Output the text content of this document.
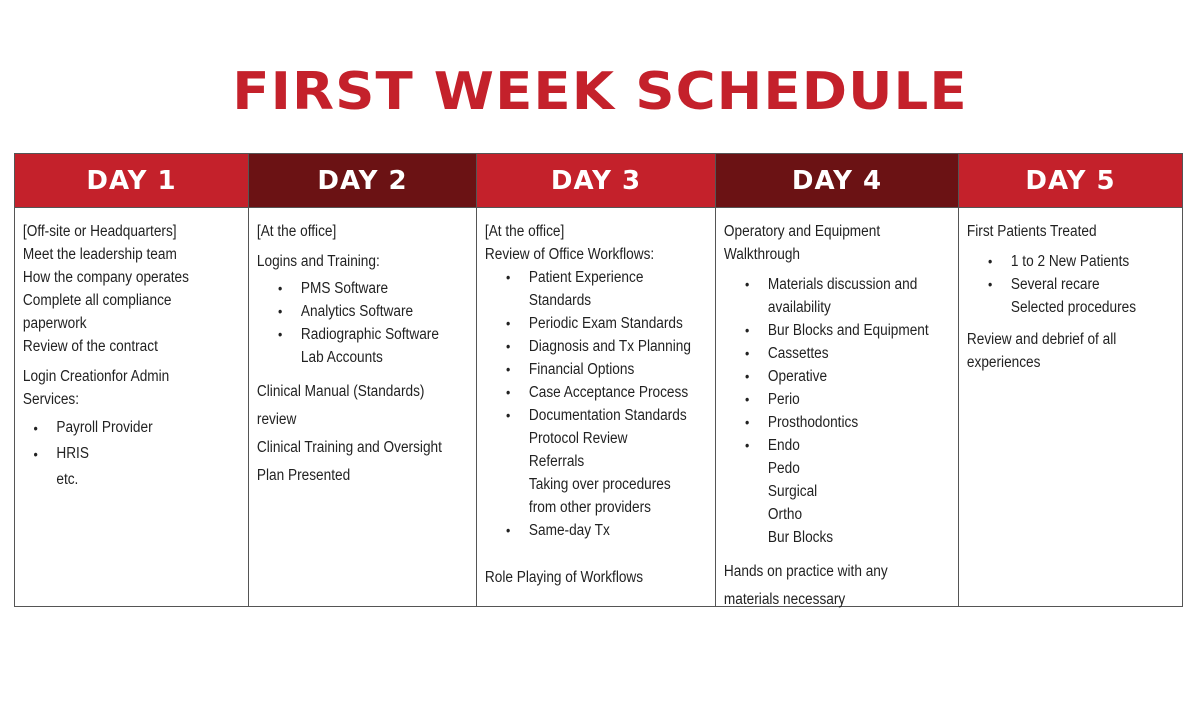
FIRST WEEK SCHEDULE
DAY 1
[Off-site or Headquarters]
Meet the leadership team
How the company operates
Complete all compliance
paperwork
Review of the contract
Login Creationfor Admin
Services:
• Payroll Provider
• HRIS
etc.
DAY 2
[At the office]
Logins and Training:
• PMS Software
• Analytics Software
• Radiographic Software
Lab Accounts
Clinical Manual (Standards)
review
Clinical Training and Oversight
Plan Presented
DAY 3
[At the office]
Review of Office Workflows:
• Patient Experience
Standards
• Periodic Exam Standards
• Diagnosis and Tx Planning
• Financial Options
• Case Acceptance Process
• Documentation Standards
Protocol Review
Referrals
Taking over procedures
from other providers
• Same-day Tx
Role Playing of Workflows
DAY 4
Operatory and Equipment
Walkthrough
• Materials discussion and
availability
• Bur Blocks and Equipment
• Cassettes
• Operative
• Perio
• Prosthodontics
• Endo
Pedo
Surgical
Ortho
Bur Blocks
Hands on practice with any
materials necessary
DAY 5
First Patients Treated
• 1 to 2 New Patients
• Several recare
Selected procedures
Review and debrief of all
experiences
